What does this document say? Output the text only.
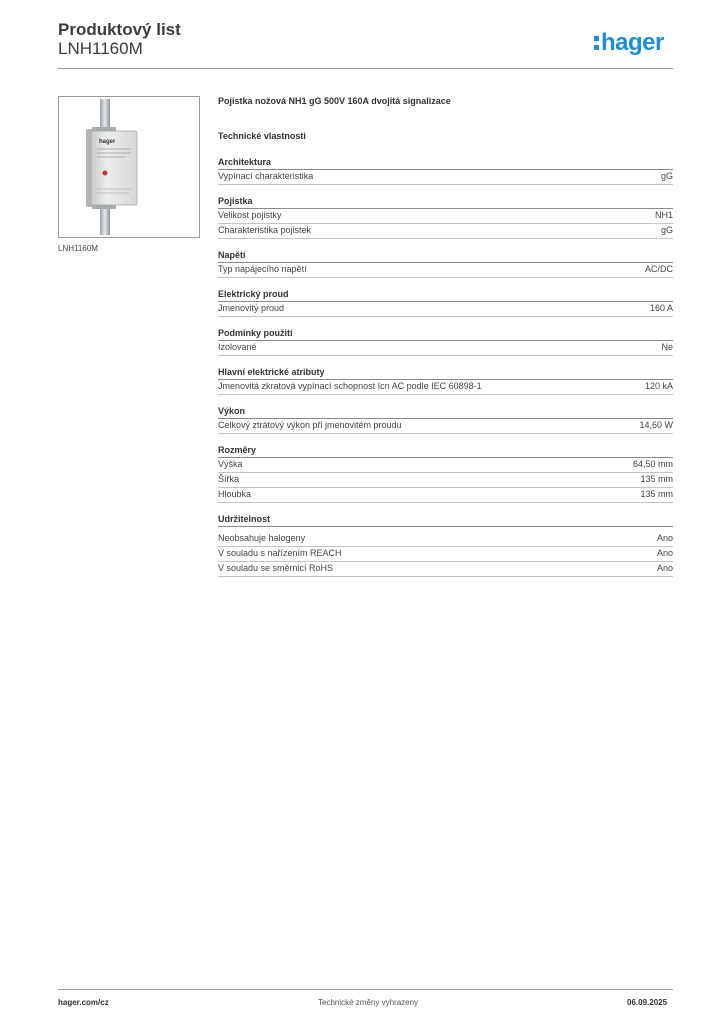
Produktový list
LNH1160M	hager
hager
LNH1160M
Pojistka nožová NH1 gG 500V 160A dvojitá signalizace
Technické vlastnosti
Architektura
Vypínací charakteristika	gG
Pojistka
Velikost pojistky	NH1
Charakteristika pojistek	gG
Napětí
Typ napájecího napětí	AC/DC
Elektrický proud
Jmenovitý proud	160 A
Podmínky použití
Izolované	Ne
Hlavní elektrické atributy
Jmenovitá zkratová vypínací schopnost Icn AC podle IEC 60898-1	120 kA
Výkon
Celkový ztrátový výkon při jmenovitém proudu	14,60 W
Rozměry
Výška	64,50 mm
Šířka	135 mm
Hloubka	135 mm
Udržitelnost
Neobsahuje halogeny	Ano
V souladu s nařízením REACH	Ano
V souladu se směrnicí RoHS	Ano
hager.com/cz	Technické změny vyhrazeny	06.09.2025
